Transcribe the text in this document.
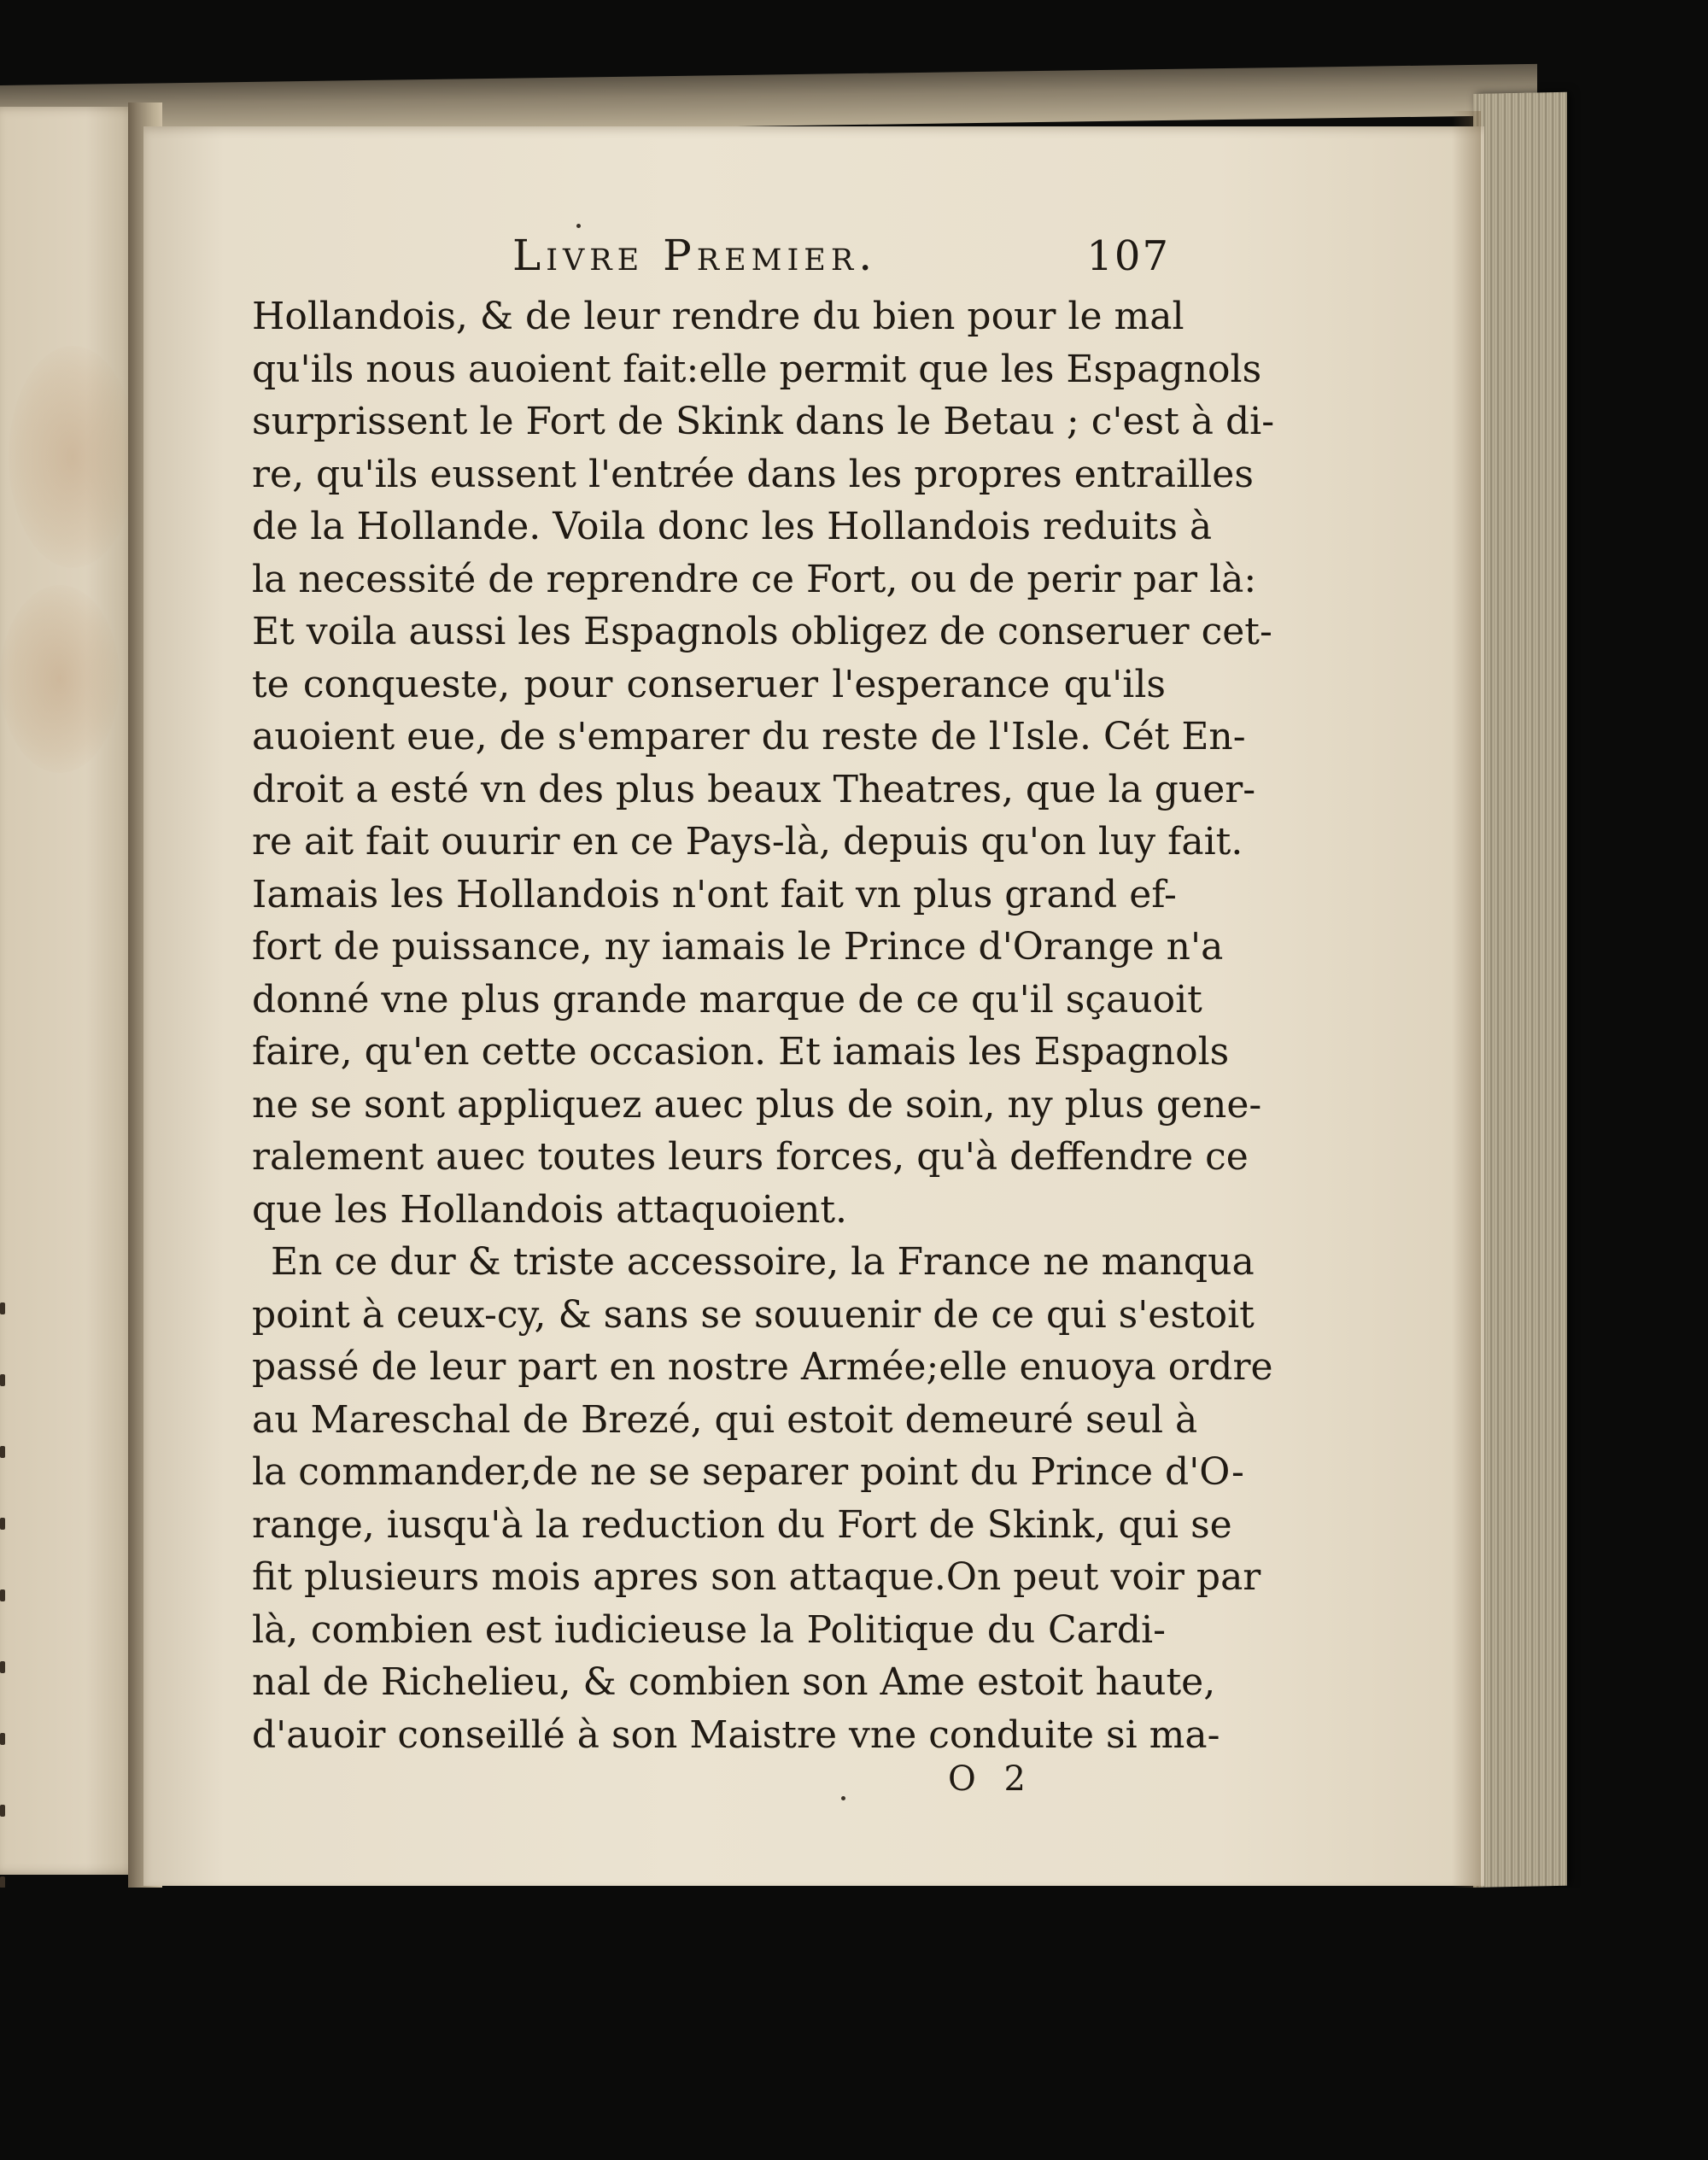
Livre Premier.	107
Hollandois, & de leur rendre du bien pour le mal
qu'ils nous auoient fait:elle permit que les Espagnols
surprissent le Fort de Skink dans le Betau ; c'est à di-
re, qu'ils eussent l'entrée dans les propres entrailles
de la Hollande. Voila donc les Hollandois reduits à
la necessité de reprendre ce Fort, ou de perir par là:
Et voila aussi les Espagnols obligez de conseruer cet-
te conqueste, pour conseruer l'esperance qu'ils
auoient eue, de s'emparer du reste de l'Isle. Cét En-
droit a esté vn des plus beaux Theatres, que la guer-
re ait fait ouurir en ce Pays-là, depuis qu'on luy fait.
Iamais les Hollandois n'ont fait vn plus grand ef-
fort de puissance, ny iamais le Prince d'Orange n'a
donné vne plus grande marque de ce qu'il sçauoit
faire, qu'en cette occasion. Et iamais les Espagnols
ne se sont appliquez auec plus de soin, ny plus gene-
ralement auec toutes leurs forces, qu'à deffendre ce
que les Hollandois attaquoient.
En ce dur & triste accessoire, la France ne manqua
point à ceux-cy, & sans se souuenir de ce qui s'estoit
passé de leur part en nostre Armée;elle enuoya ordre
au Mareschal de Brezé, qui estoit demeuré seul à
la commander,de ne se separer point du Prince d'O-
range, iusqu'à la reduction du Fort de Skink, qui se
fit plusieurs mois apres son attaque.On peut voir par
là, combien est iudicieuse la Politique du Cardi-
nal de Richelieu, & combien son Ame estoit haute,
d'auoir conseillé à son Maistre vne conduite si ma-
O 2
